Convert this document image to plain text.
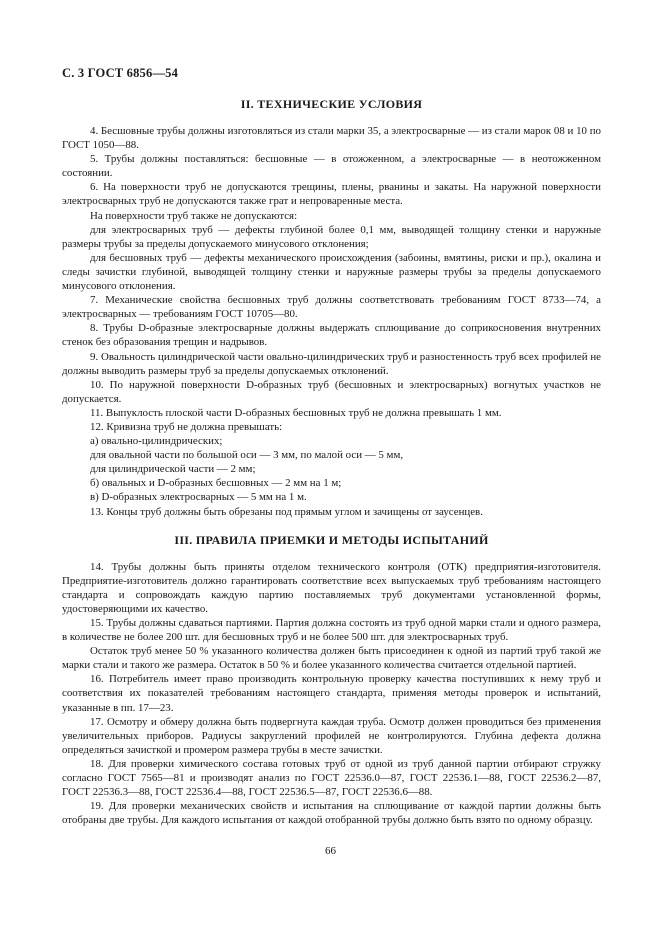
С. 3 ГОСТ 6856—54
II. ТЕХНИЧЕСКИЕ УСЛОВИЯ

4. Бесшовные трубы должны изготовляться из стали марки 35, а электросварные — из стали марок 08 и 10 по ГОСТ 1050—88.

5. Трубы должны поставляться: бесшовные — в отожженном, а электросварные — в неотожженном состоянии.

6. На поверхности труб не допускаются трещины, плены, рванины и закаты. На наружной поверхности электросварных труб не допускаются также грат и непроваренные места.

На поверхности труб также не допускаются:

для электросварных труб — дефекты глубиной более 0,1 мм, выводящей толщину стенки и наружные размеры трубы за пределы допускаемого минусового отклонения;

для бесшовных труб — дефекты механического происхождения (забоины, вмятины, риски и пр.), окалина и следы зачистки глубиной, выводящей толщину стенки и наружные размеры трубы за пределы допускаемого минусового отклонения.

7. Механические свойства бесшовных труб должны соответствовать требованиям ГОСТ 8733—74, а электросварных — требованиям ГОСТ 10705—80.

8. Трубы D-образные электросварные должны выдержать сплющивание до соприкосновения внутренних стенок без образования трещин и надрывов.

9. Овальность цилиндрической части овально-цилиндрических труб и разностенность труб всех профилей не должны выводить размеры труб за пределы допускаемых отклонений.

10. По наружной поверхности D-образных труб (бесшовных и электросварных) вогнутых участков не допускается.

11. Выпуклость плоской части D-образных бесшовных труб не должна превышать 1 мм.

12. Кривизна труб не должна превышать:

а) овально-цилиндрических;

для овальной части по большой оси — 3 мм, по малой оси — 5 мм,

для цилиндрической части — 2 мм;

б) овальных и D-образных бесшовных — 2 мм на 1 м;

в) D-образных электросварных — 5 мм на 1 м.

13. Концы труб должны быть обрезаны под прямым углом и зачищены от заусенцев.

III. ПРАВИЛА ПРИЕМКИ И МЕТОДЫ ИСПЫТАНИЙ

14. Трубы должны быть приняты отделом технического контроля (ОТК) предприятия-изготовителя. Предприятие-изготовитель должно гарантировать соответствие всех выпускаемых труб требованиям настоящего стандарта и сопровождать каждую партию поставляемых труб документами установленной формы, удостоверяющими их качество.

15. Трубы должны сдаваться партиями. Партия должна состоять из труб одной марки стали и одного размера, в количестве не более 200 шт. для бесшовных труб и не более 500 шт. для электросварных труб.

Остаток труб менее 50 % указанного количества должен быть присоединен к одной из партий труб такой же марки стали и такого же размера. Остаток в 50 % и более указанного количества считается отдельной партией.

16. Потребитель имеет право производить контрольную проверку качества поступивших к нему труб и соответствия их показателей требованиям настоящего стандарта, применяя методы проверок и испытаний, указанные в пп. 17—23.

17. Осмотру и обмеру должна быть подвергнута каждая труба. Осмотр должен проводиться без применения увеличительных приборов. Радиусы закруглений профилей не контролируются. Глубина дефекта должна определяться зачисткой и промером размера трубы в месте зачистки.

18. Для проверки химического состава готовых труб от одной из труб данной партии отбирают стружку согласно ГОСТ 7565—81 и производят анализ по ГОСТ 22536.0—87, ГОСТ 22536.1—88, ГОСТ 22536.2—87, ГОСТ 22536.3—88, ГОСТ 22536.4—88, ГОСТ 22536.5—87, ГОСТ 22536.6—88.

19. Для проверки механических свойств и испытания на сплющивание от каждой партии должны быть отобраны две трубы. Для каждого испытания от каждой отобранной трубы должно быть взято по одному образцу.

66
